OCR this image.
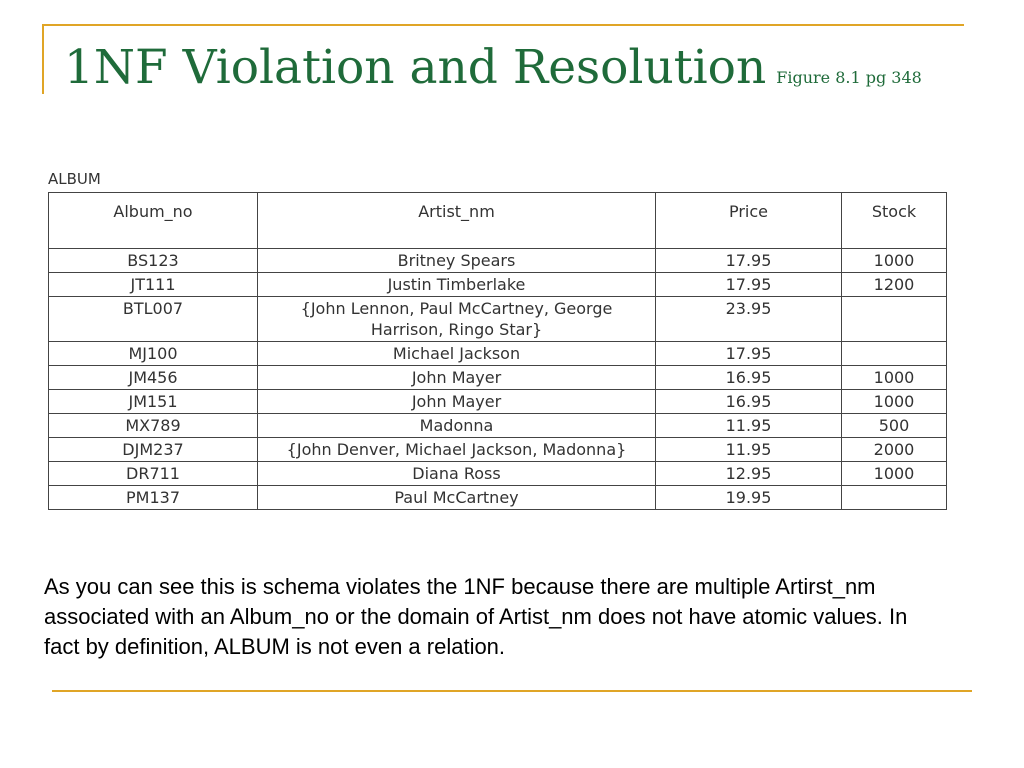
1NF Violation and Resolution Figure 8.1 pg 348
ALBUM
Album_no	Artist_nm	Price	Stock
BS123	Britney Spears	17.95	1000
JT111	Justin Timberlake	17.95	1200
BTL007	{John Lennon, Paul McCartney, George Harrison, Ringo Star}	23.95	
MJ100	Michael Jackson	17.95	
JM456	John Mayer	16.95	1000
JM151	John Mayer	16.95	1000
MX789	Madonna	11.95	500
DJM237	{John Denver, Michael Jackson, Madonna}	11.95	2000
DR711	Diana Ross	12.95	1000
PM137	Paul McCartney	19.95	
As you can see this is schema violates the 1NF because there are multiple Artirst_nm associated with an Album_no or the domain of Artist_nm does not have atomic values. In fact by definition, ALBUM is not even a relation.
